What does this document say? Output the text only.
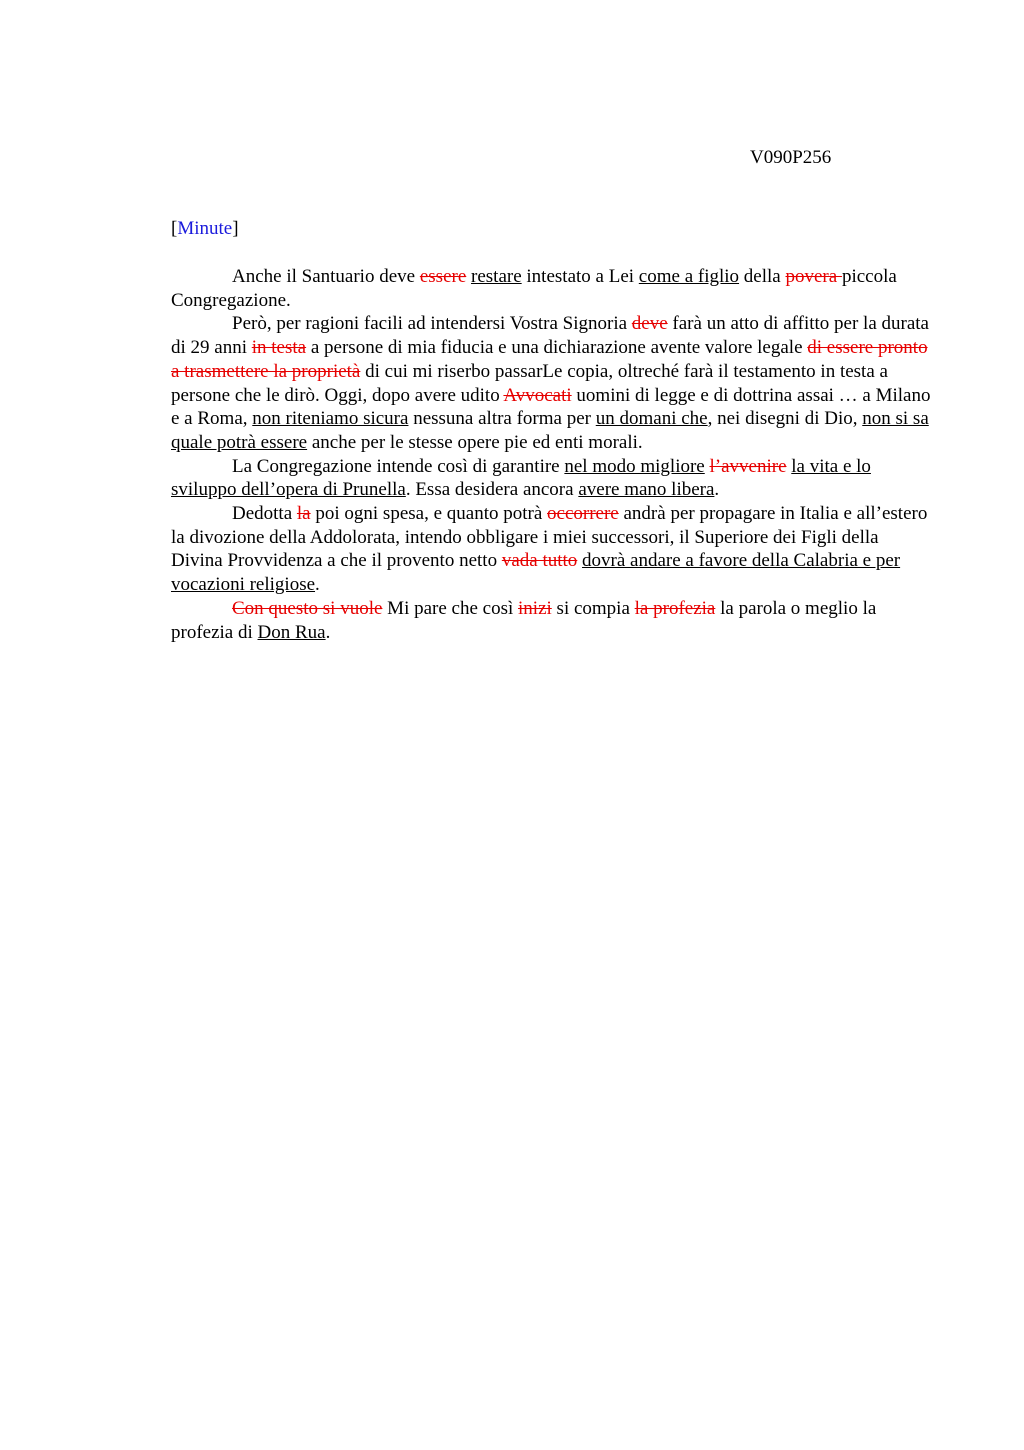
V090P256
[Minute]

Anche il Santuario deve essere restare intestato a Lei come a figlio della povera piccola Congregazione.

Però, per ragioni facili ad intendersi Vostra Signoria deve farà un atto di affitto per la durata di 29 anni in testa a persone di mia fiducia e una dichiarazione avente valore legale di essere pronto a trasmettere la proprietà di cui mi riserbo passarLe copia, oltreché farà il testamento in testa a persone che le dirò. Oggi, dopo avere udito Avvocati uomini di legge e di dottrina assai … a Milano e a Roma, non riteniamo sicura nessuna altra forma per un domani che, nei disegni di Dio, non si sa quale potrà essere anche per le stesse opere pie ed enti morali.

La Congregazione intende così di garantire nel modo migliore l’avvenire la vita e lo sviluppo dell’opera di Prunella. Essa desidera ancora avere mano libera.

Dedotta la poi ogni spesa, e quanto potrà occorrere andrà per propagare in Italia e all’estero la divozione della Addolorata, intendo obbligare i miei successori, il Superiore dei Figli della Divina Provvidenza a che il provento netto vada tutto dovrà andare a favore della Calabria e per vocazioni religiose.

Con questo si vuole Mi pare che così inizi si compia la profezia la parola o meglio la profezia di Don Rua.
